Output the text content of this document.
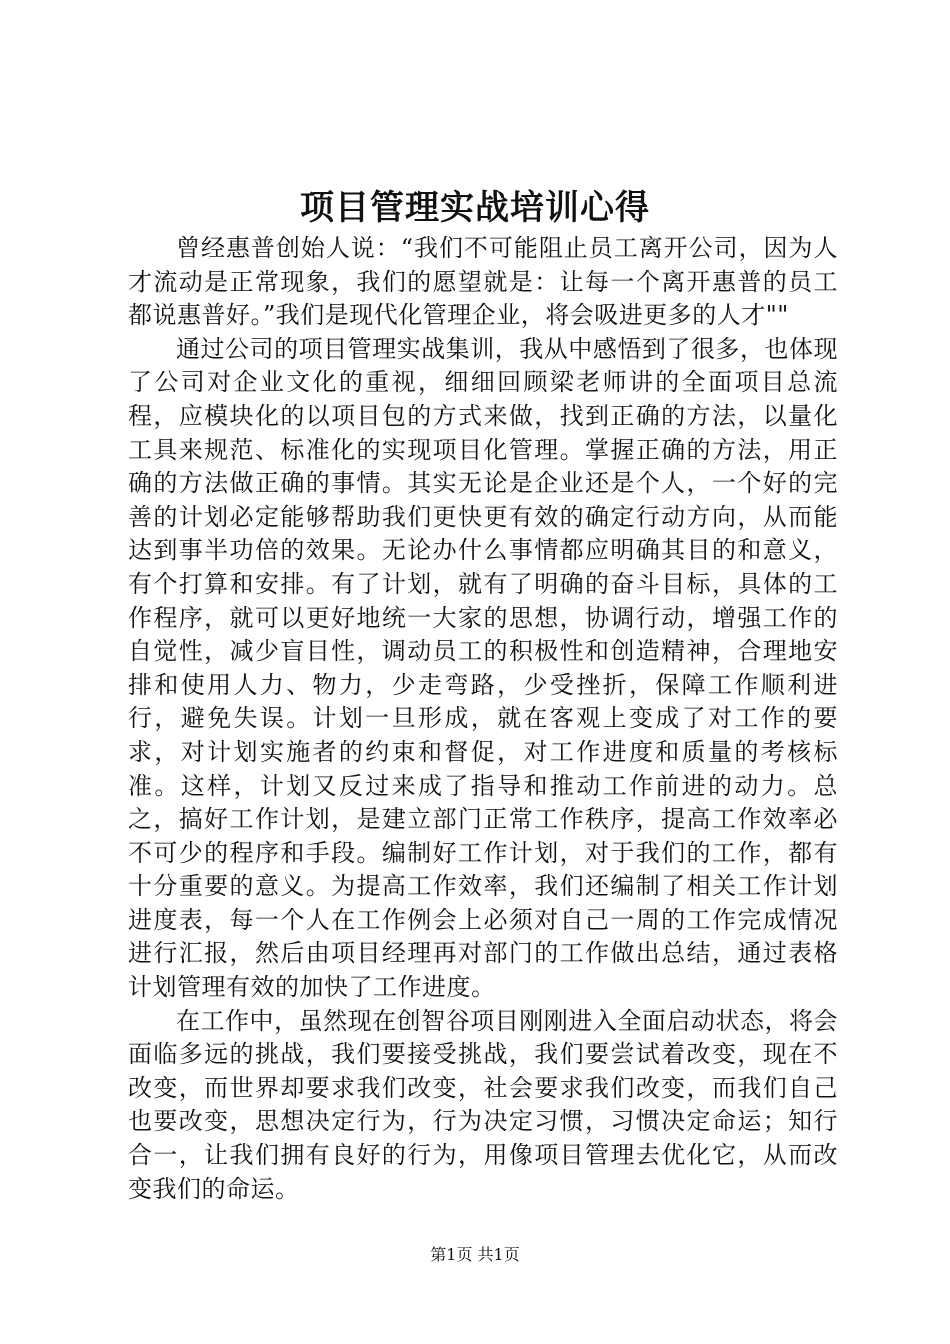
项目管理实战培训心得

曾经惠普创始人说：“我们不可能阻止员工离开公司，因为人才流动是正常现象，我们的愿望就是：让每一个离开惠普的员工都说惠普好。”我们是现代化管理企业，将会吸进更多的人才""

通过公司的项目管理实战集训，我从中感悟到了很多，也体现了公司对企业文化的重视，细细回顾梁老师讲的全面项目总流程，应模块化的以项目包的方式来做，找到正确的方法，以量化工具来规范、标准化的实现项目化管理。掌握正确的方法，用正确的方法做正确的事情。其实无论是企业还是个人，一个好的完善的计划必定能够帮助我们更快更有效的确定行动方向，从而能达到事半功倍的效果。无论办什么事情都应明确其目的和意义，有个打算和安排。有了计划，就有了明确的奋斗目标，具体的工作程序，就可以更好地统一大家的思想，协调行动，增强工作的自觉性，减少盲目性，调动员工的积极性和创造精神，合理地安排和使用人力、物力，少走弯路，少受挫折，保障工作顺利进行，避免失误。计划一旦形成，就在客观上变成了对工作的要求，对计划实施者的约束和督促，对工作进度和质量的考核标准。这样，计划又反过来成了指导和推动工作前进的动力。总之，搞好工作计划，是建立部门正常工作秩序，提高工作效率必不可少的程序和手段。编制好工作计划，对于我们的工作，都有十分重要的意义。为提高工作效率，我们还编制了相关工作计划进度表，每一个人在工作例会上必须对自己一周的工作完成情况进行汇报，然后由项目经理再对部门的工作做出总结，通过表格计划管理有效的加快了工作进度。

在工作中，虽然现在创智谷项目刚刚进入全面启动状态，将会面临多远的挑战，我们要接受挑战，我们要尝试着改变，现在不改变，而世界却要求我们改变，社会要求我们改变，而我们自己也要改变，思想决定行为，行为决定习惯，习惯决定命运；知行合一，让我们拥有良好的行为，用像项目管理去优化它，从而改变我们的命运。

第1页 共1页
